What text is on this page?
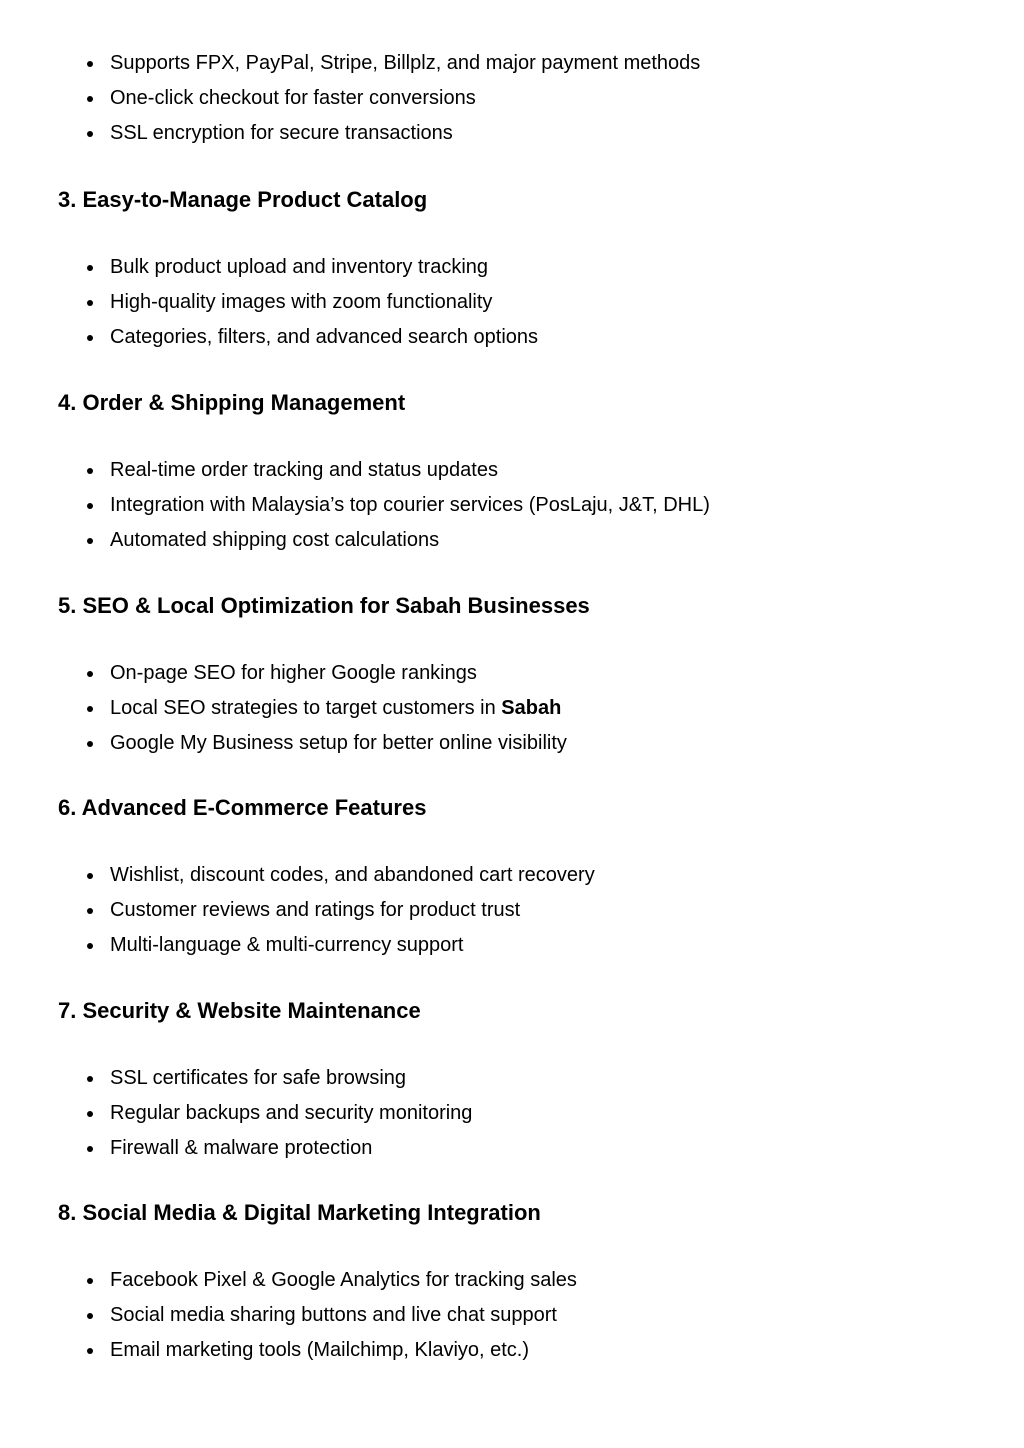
Supports FPX, PayPal, Stripe, Billplz, and major payment methods
One-click checkout for faster conversions
SSL encryption for secure transactions
3. Easy-to-Manage Product Catalog
Bulk product upload and inventory tracking
High-quality images with zoom functionality
Categories, filters, and advanced search options
4. Order & Shipping Management
Real-time order tracking and status updates
Integration with Malaysia’s top courier services (PosLaju, J&T, DHL)
Automated shipping cost calculations
5. SEO & Local Optimization for Sabah Businesses
On-page SEO for higher Google rankings
Local SEO strategies to target customers in Sabah
Google My Business setup for better online visibility
6. Advanced E-Commerce Features
Wishlist, discount codes, and abandoned cart recovery
Customer reviews and ratings for product trust
Multi-language & multi-currency support
7. Security & Website Maintenance
SSL certificates for safe browsing
Regular backups and security monitoring
Firewall & malware protection
8. Social Media & Digital Marketing Integration
Facebook Pixel & Google Analytics for tracking sales
Social media sharing buttons and live chat support
Email marketing tools (Mailchimp, Klaviyo, etc.)
